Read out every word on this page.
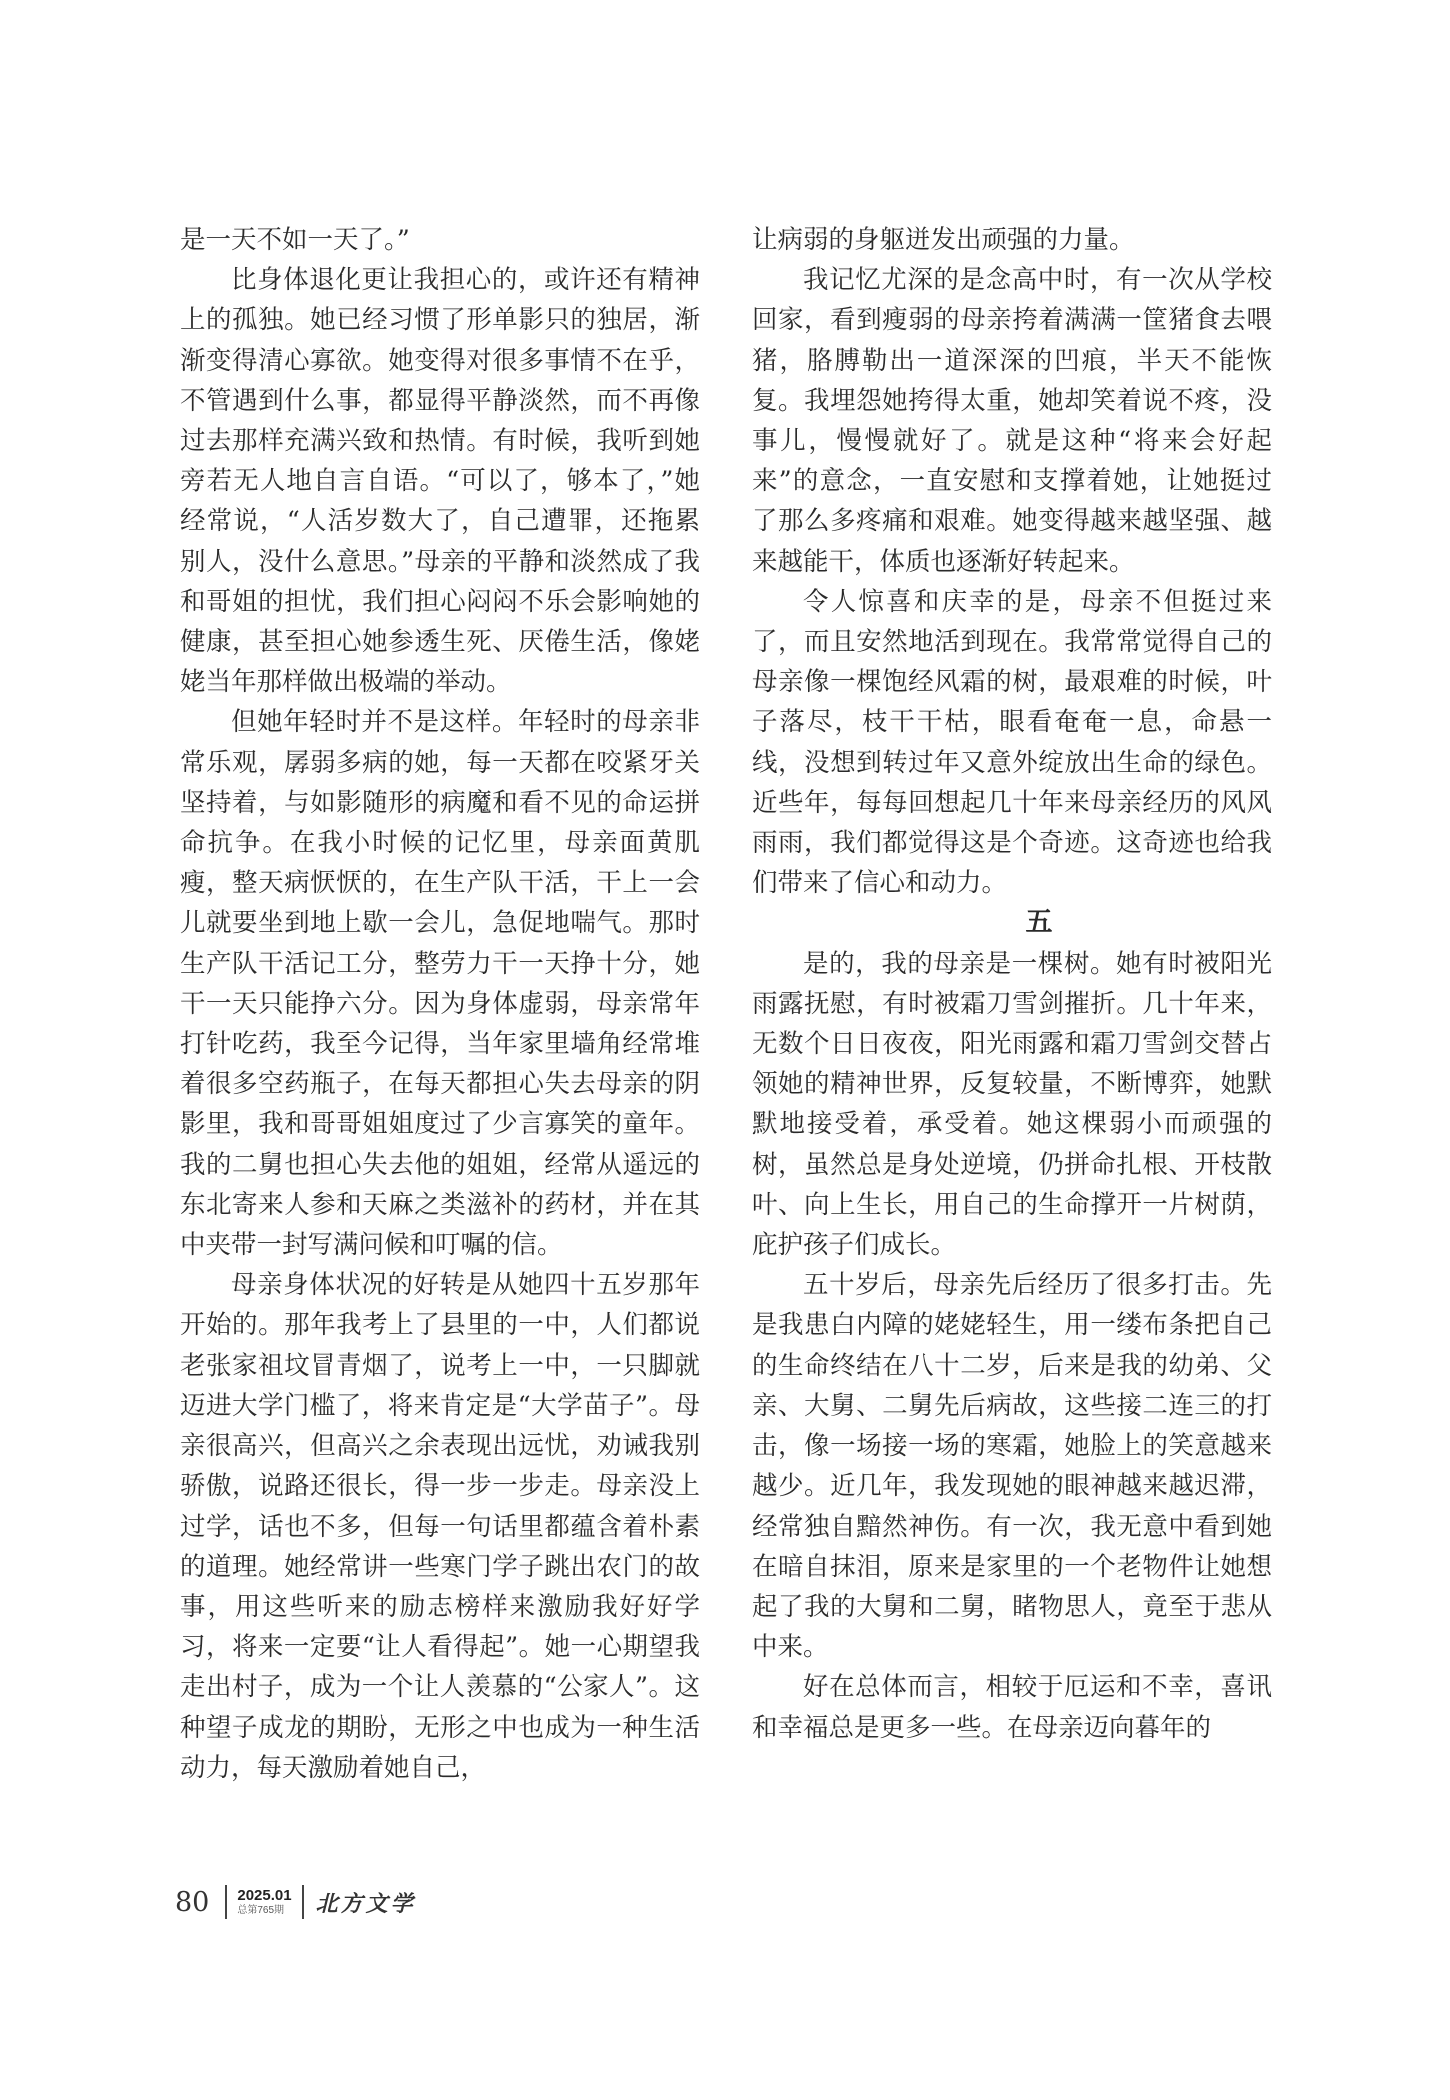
是一天不如一天了。”

比身体退化更让我担心的，或许还有精神上的孤独。她已经习惯了形单影只的独居，渐渐变得清心寡欲。她变得对很多事情不在乎，不管遇到什么事，都显得平静淡然，而不再像过去那样充满兴致和热情。有时候，我听到她旁若无人地自言自语。“可以了，够本了，”她经常说，“人活岁数大了，自己遭罪，还拖累别人，没什么意思。”母亲的平静和淡然成了我和哥姐的担忧，我们担心闷闷不乐会影响她的健康，甚至担心她参透生死、厌倦生活，像姥姥当年那样做出极端的举动。

但她年轻时并不是这样。年轻时的母亲非常乐观，孱弱多病的她，每一天都在咬紧牙关坚持着，与如影随形的病魔和看不见的命运拼命抗争。在我小时候的记忆里，母亲面黄肌瘦，整天病恹恹的，在生产队干活，干上一会儿就要坐到地上歇一会儿，急促地喘气。那时生产队干活记工分，整劳力干一天挣十分，她干一天只能挣六分。因为身体虚弱，母亲常年打针吃药，我至今记得，当年家里墙角经常堆着很多空药瓶子，在每天都担心失去母亲的阴影里，我和哥哥姐姐度过了少言寡笑的童年。我的二舅也担心失去他的姐姐，经常从遥远的东北寄来人参和天麻之类滋补的药材，并在其中夹带一封写满问候和叮嘱的信。

母亲身体状况的好转是从她四十五岁那年开始的。那年我考上了县里的一中，人们都说老张家祖坟冒青烟了，说考上一中，一只脚就迈进大学门槛了，将来肯定是“大学苗子”。母亲很高兴，但高兴之余表现出远忧，劝诫我别骄傲，说路还很长，得一步一步走。母亲没上过学，话也不多，但每一句话里都蕴含着朴素的道理。她经常讲一些寒门学子跳出农门的故事，用这些听来的励志榜样来激励我好好学习，将来一定要“让人看得起”。她一心期望我走出村子，成为一个让人羡慕的“公家人”。这种望子成龙的期盼，无形之中也成为一种生活动力，每天激励着她自己，

让病弱的身躯迸发出顽强的力量。

我记忆尤深的是念高中时，有一次从学校回家，看到瘦弱的母亲挎着满满一筐猪食去喂猪，胳膊勒出一道深深的凹痕，半天不能恢复。我埋怨她挎得太重，她却笑着说不疼，没事儿，慢慢就好了。就是这种“将来会好起来”的意念，一直安慰和支撑着她，让她挺过了那么多疼痛和艰难。她变得越来越坚强、越来越能干，体质也逐渐好转起来。

令人惊喜和庆幸的是，母亲不但挺过来了，而且安然地活到现在。我常常觉得自己的母亲像一棵饱经风霜的树，最艰难的时候，叶子落尽，枝干干枯，眼看奄奄一息，命悬一线，没想到转过年又意外绽放出生命的绿色。近些年，每每回想起几十年来母亲经历的风风雨雨，我们都觉得这是个奇迹。这奇迹也给我们带来了信心和动力。

五

是的，我的母亲是一棵树。她有时被阳光雨露抚慰，有时被霜刀雪剑摧折。几十年来，无数个日日夜夜，阳光雨露和霜刀雪剑交替占领她的精神世界，反复较量，不断博弈，她默默地接受着，承受着。她这棵弱小而顽强的树，虽然总是身处逆境，仍拼命扎根、开枝散叶、向上生长，用自己的生命撑开一片树荫，庇护孩子们成长。

五十岁后，母亲先后经历了很多打击。先是我患白内障的姥姥轻生，用一缕布条把自己的生命终结在八十二岁，后来是我的幼弟、父亲、大舅、二舅先后病故，这些接二连三的打击，像一场接一场的寒霜，她脸上的笑意越来越少。近几年，我发现她的眼神越来越迟滞，经常独自黯然神伤。有一次，我无意中看到她在暗自抹泪，原来是家里的一个老物件让她想起了我的大舅和二舅，睹物思人，竟至于悲从中来。

好在总体而言，相较于厄运和不幸，喜讯和幸福总是更多一些。在母亲迈向暮年的

80 2025.01
总第765期	北方文学
